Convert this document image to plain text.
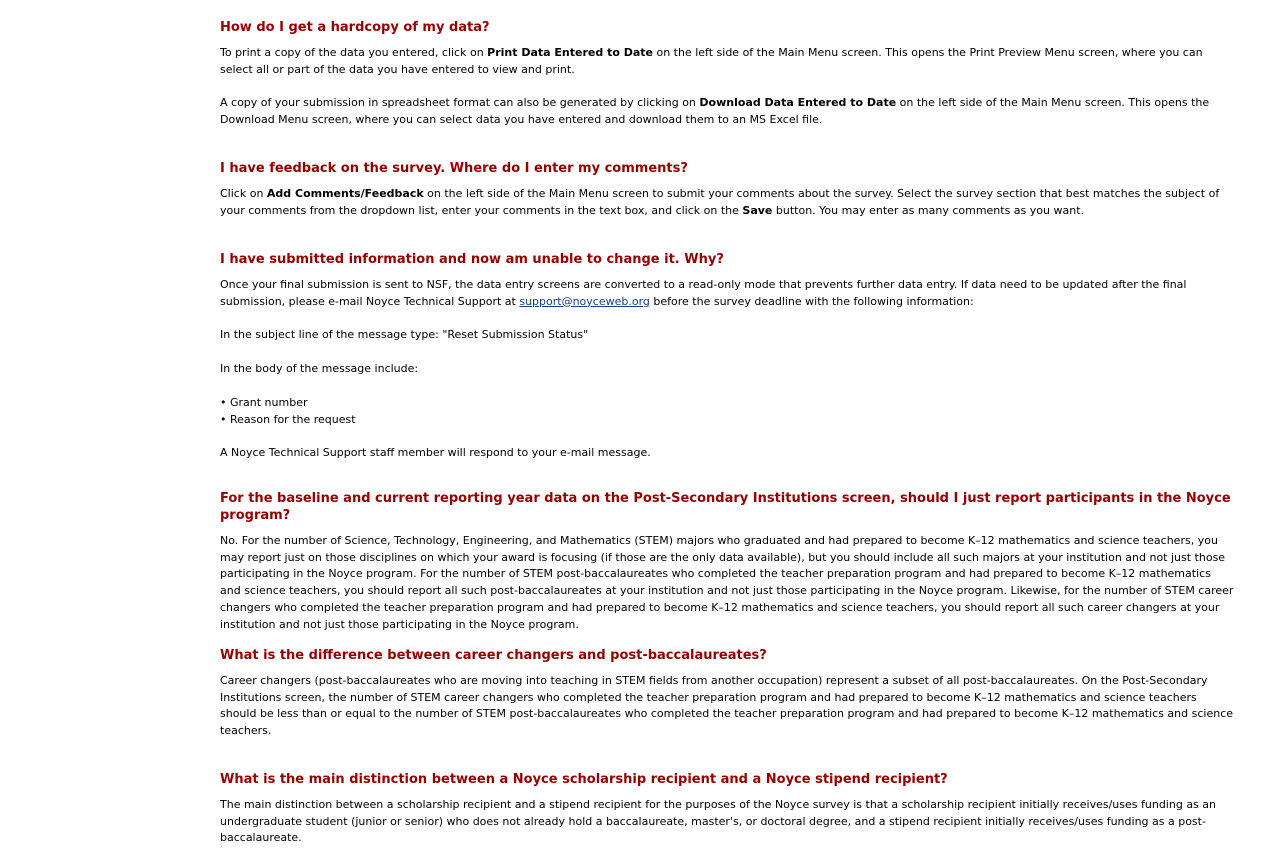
How do I get a hardcopy of my data?

To print a copy of the data you entered, click on Print Data Entered to Date on the left side of the Main Menu screen. This opens the Print Preview Menu screen, where you can select all or part of the data you have entered to view and print.

A copy of your submission in spreadsheet format can also be generated by clicking on Download Data Entered to Date on the left side of the Main Menu screen. This opens the Download Menu screen, where you can select data you have entered and download them to an MS Excel file.

I have feedback on the survey. Where do I enter my comments?

Click on Add Comments/Feedback on the left side of the Main Menu screen to submit your comments about the survey. Select the survey section that best matches the subject of your comments from the dropdown list, enter your comments in the text box, and click on the Save button. You may enter as many comments as you want.

I have submitted information and now am unable to change it. Why?

Once your final submission is sent to NSF, the data entry screens are converted to a read-only mode that prevents further data entry. If data need to be updated after the final submission, please e-mail Noyce Technical Support at support@noyceweb.org before the survey deadline with the following information:

In the subject line of the message type: "Reset Submission Status"

In the body of the message include:

• Grant number
• Reason for the request

A Noyce Technical Support staff member will respond to your e-mail message.

For the baseline and current reporting year data on the Post-Secondary Institutions screen, should I just report participants in the Noyce program?

No. For the number of Science, Technology, Engineering, and Mathematics (STEM) majors who graduated and had prepared to become K–12 mathematics and science teachers, you may report just on those disciplines on which your award is focusing (if those are the only data available), but you should include all such majors at your institution and not just those participating in the Noyce program. For the number of STEM post-baccalaureates who completed the teacher preparation program and had prepared to become K–12 mathematics and science teachers, you should report all such post-baccalaureates at your institution and not just those participating in the Noyce program. Likewise, for the number of STEM career changers who completed the teacher preparation program and had prepared to become K–12 mathematics and science teachers, you should report all such career changers at your institution and not just those participating in the Noyce program.

What is the difference between career changers and post-baccalaureates?

Career changers (post-baccalaureates who are moving into teaching in STEM fields from another occupation) represent a subset of all post-baccalaureates. On the Post-Secondary Institutions screen, the number of STEM career changers who completed the teacher preparation program and had prepared to become K–12 mathematics and science teachers should be less than or equal to the number of STEM post-baccalaureates who completed the teacher preparation program and had prepared to become K–12 mathematics and science teachers.

What is the main distinction between a Noyce scholarship recipient and a Noyce stipend recipient?

The main distinction between a scholarship recipient and a stipend recipient for the purposes of the Noyce survey is that a scholarship recipient initially receives/uses funding as an undergraduate student (junior or senior) who does not already hold a baccalaureate, master's, or doctoral degree, and a stipend recipient initially receives/uses funding as a post-baccalaureate.
